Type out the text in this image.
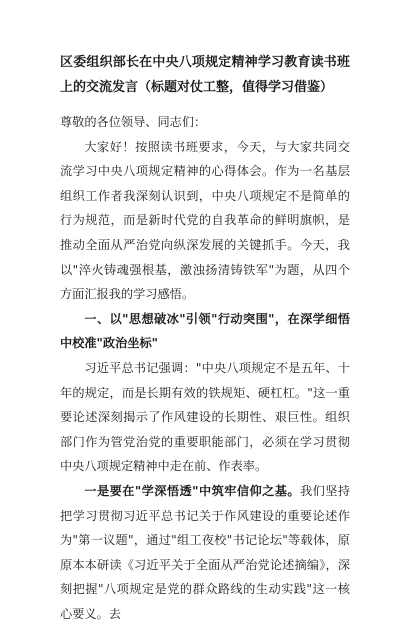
区委组织部长在中央八项规定精神学习教育读书班上的交流发言（标题对仗工整，值得学习借鉴）

尊敬的各位领导、同志们：

大家好！按照读书班要求，今天，与大家共同交流学习中央八项规定精神的心得体会。作为一名基层组织工作者我深刻认识到，中央八项规定不是简单的行为规范，而是新时代党的自我革命的鲜明旗帜，是推动全面从严治党向纵深发展的关键抓手。今天，我以"淬火铸魂强根基，激浊扬清铸铁军"为题，从四个方面汇报我的学习感悟。

一、以"思想破冰"引领"行动突围"，在深学细悟中校准"政治坐标"

习近平总书记强调："中央八项规定不是五年、十年的规定，而是长期有效的铁规矩、硬杠杠。"这一重要论述深刻揭示了作风建设的长期性、艰巨性。组织部门作为管党治党的重要职能部门，必须在学习贯彻中央八项规定精神中走在前、作表率。

一是要在"学深悟透"中筑牢信仰之基。我们坚持把学习贯彻习近平总书记关于作风建设的重要论述作为"第一议题"，通过"组工夜校"书记论坛"等载体，原原本本研读《习近平关于全面从严治党论述摘编》，深刻把握"八项规定是党的群众路线的生动实践"这一核心要义。去
